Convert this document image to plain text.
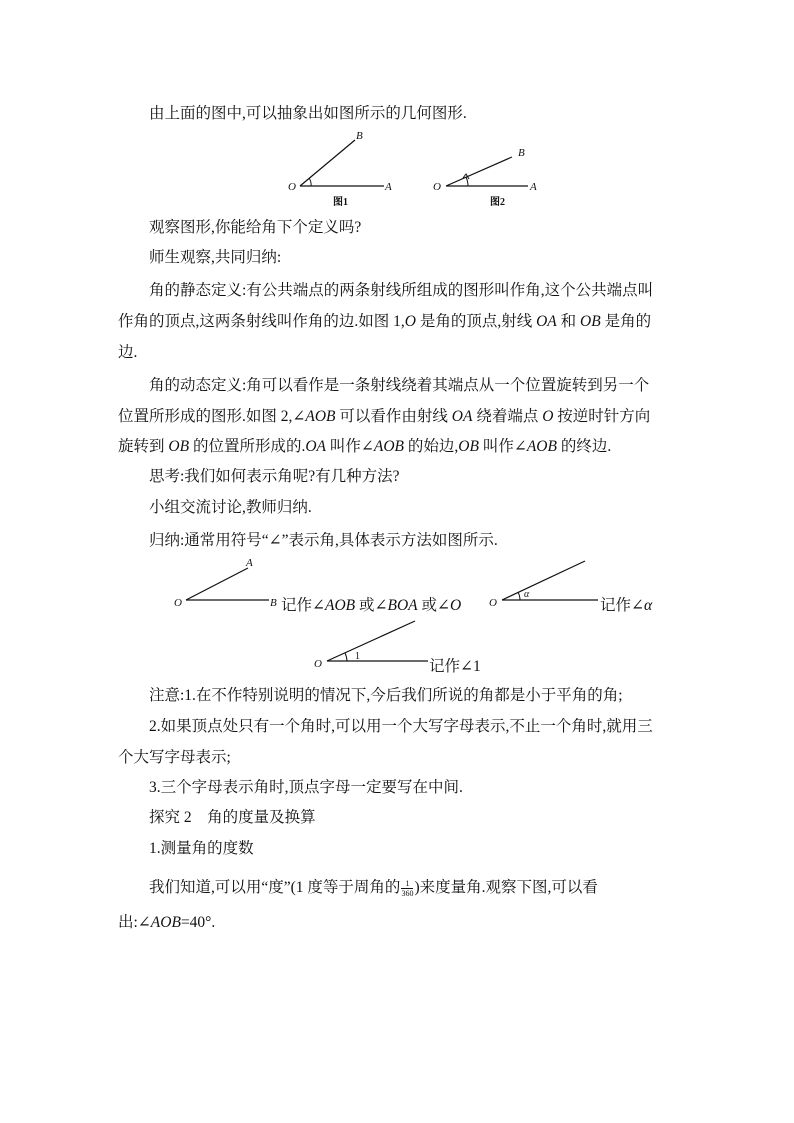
O	A
B
图1
O	A
B
图2
O
A
B	O
α
O
1
由上面的图中,可以抽象出如图所示的几何图形.
观察图形,你能给角下个定义吗?
师生观察,共同归纳:
角的静态定义:有公共端点的两条射线所组成的图形叫作角,这个公共端点叫
作角的顶点,这两条射线叫作角的边.如图 1,O 是角的顶点,射线 OA 和 OB 是角的
边.
角的动态定义:角可以看作是一条射线绕着其端点从一个位置旋转到另一个
位置所形成的图形.如图 2,∠AOB 可以看作由射线 OA 绕着端点 O 按逆时针方向
旋转到 OB 的位置所形成的.OA 叫作∠AOB 的始边,OB 叫作∠AOB 的终边.
思考:我们如何表示角呢?有几种方法?
小组交流讨论,教师归纳.
归纳:通常用符号“∠”表示角,具体表示方法如图所示.
记作∠AOB 或∠BOA 或∠O	记作∠α
记作∠1
注意:1.在不作特别说明的情况下,今后我们所说的角都是小于平角的角;
2.如果顶点处只有一个角时,可以用一个大写字母表示,不止一个角时,就用三
个大写字母表示;
3.三个字母表示角时,顶点字母一定要写在中间.
探究 2　角的度量及换算
1.测量角的度数
我们知道,可以用“度”(1 度等于周角的 $\frac{1}{360}$ )来度量角.观察下图,可以看
出:∠AOB=40°.
